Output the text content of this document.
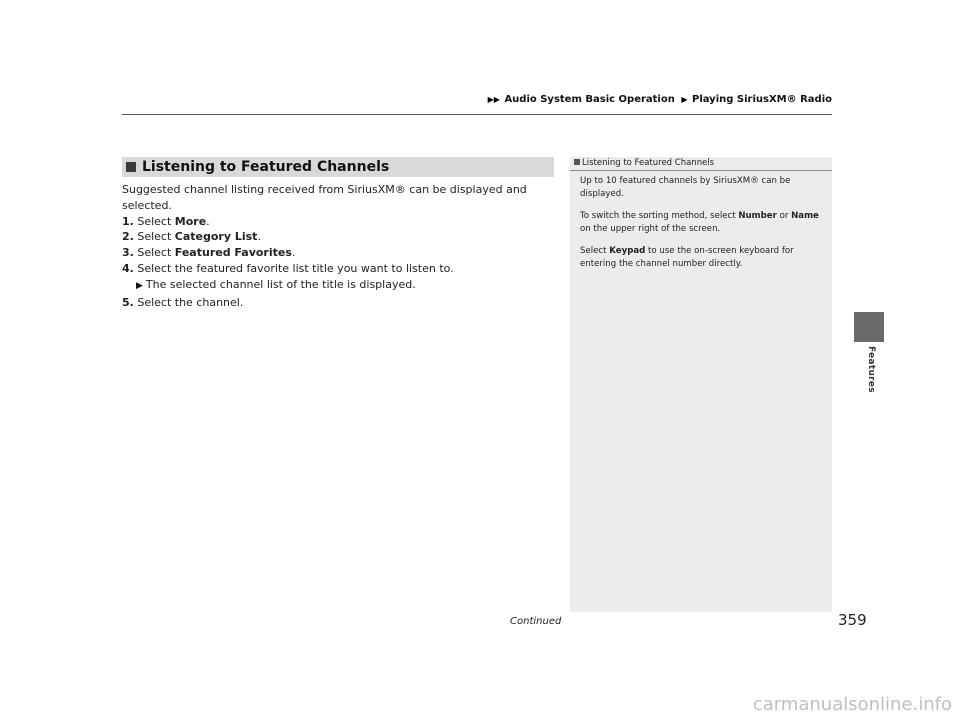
▶▶ Audio System Basic Operation ▶ Playing SiriusXM® Radio
Features
Listening to Featured Channels

Suggested channel listing received from SiriusXM® can be displayed and selected.

1. Select More.

2. Select Category List.

3. Select Featured Favorites.

4. Select the featured favorite list title you want to listen to.

▶ The selected channel list of the title is displayed.

5. Select the channel.

Listening to Featured Channels

Up to 10 featured channels by SiriusXM® can be displayed.

To switch the sorting method, select Number or Name on the upper right of the screen.

Select Keypad to use the on-screen keyboard for entering the channel number directly.

Continued	359
carmanualsonline.info
